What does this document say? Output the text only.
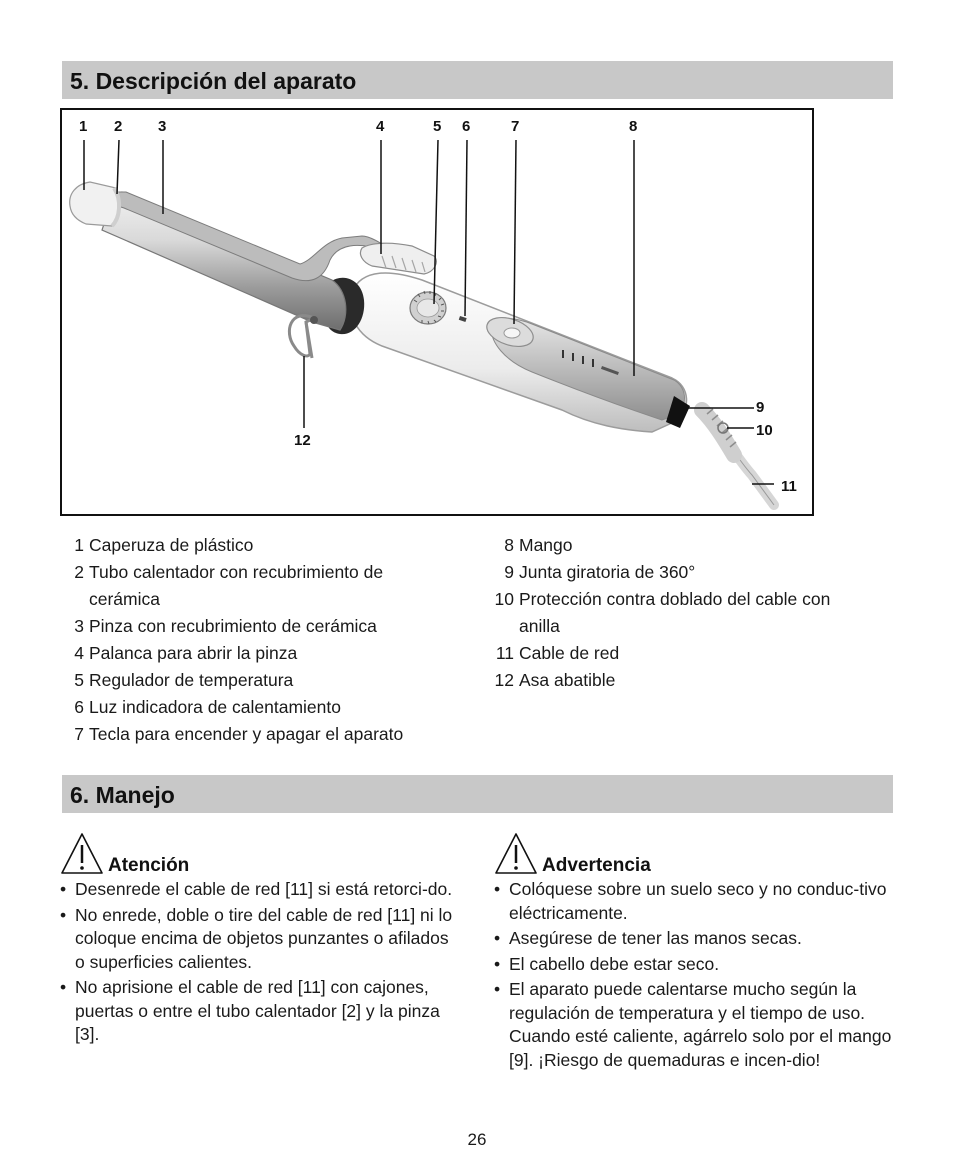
5. Descripción del aparato
1 2 3	4	5 6	7	8
9
10
11
12
1 Caperuza de plástico
2 Tubo calentador con recubrimiento de cerámica
3 Pinza con recubrimiento de cerámica
4 Palanca para abrir la pinza
5 Regulador de temperatura
6 Luz indicadora de calentamiento
7 Tecla para encender y apagar el aparato
8 Mango
9 Junta giratoria de 360°
10 Protección contra doblado del cable con anilla
11 Cable de red
12 Asa abatible
6. Manejo
Atención
• Desenrede el cable de red [11] si está retorci-do.
• No enrede, doble o tire del cable de red [11] ni lo coloque encima de objetos punzantes o afilados o superficies calientes.
• No aprisione el cable de red [11] con cajones, puertas o entre el tubo calentador [2] y la pinza [3].
Advertencia
• Colóquese sobre un suelo seco y no conduc-tivo eléctricamente.
• Asegúrese de tener las manos secas.
• El cabello debe estar seco.
• El aparato puede calentarse mucho según la regulación de temperatura y el tiempo de uso. Cuando esté caliente, agárrelo solo por el mango [9]. ¡Riesgo de quemaduras e incen-dio!
26
